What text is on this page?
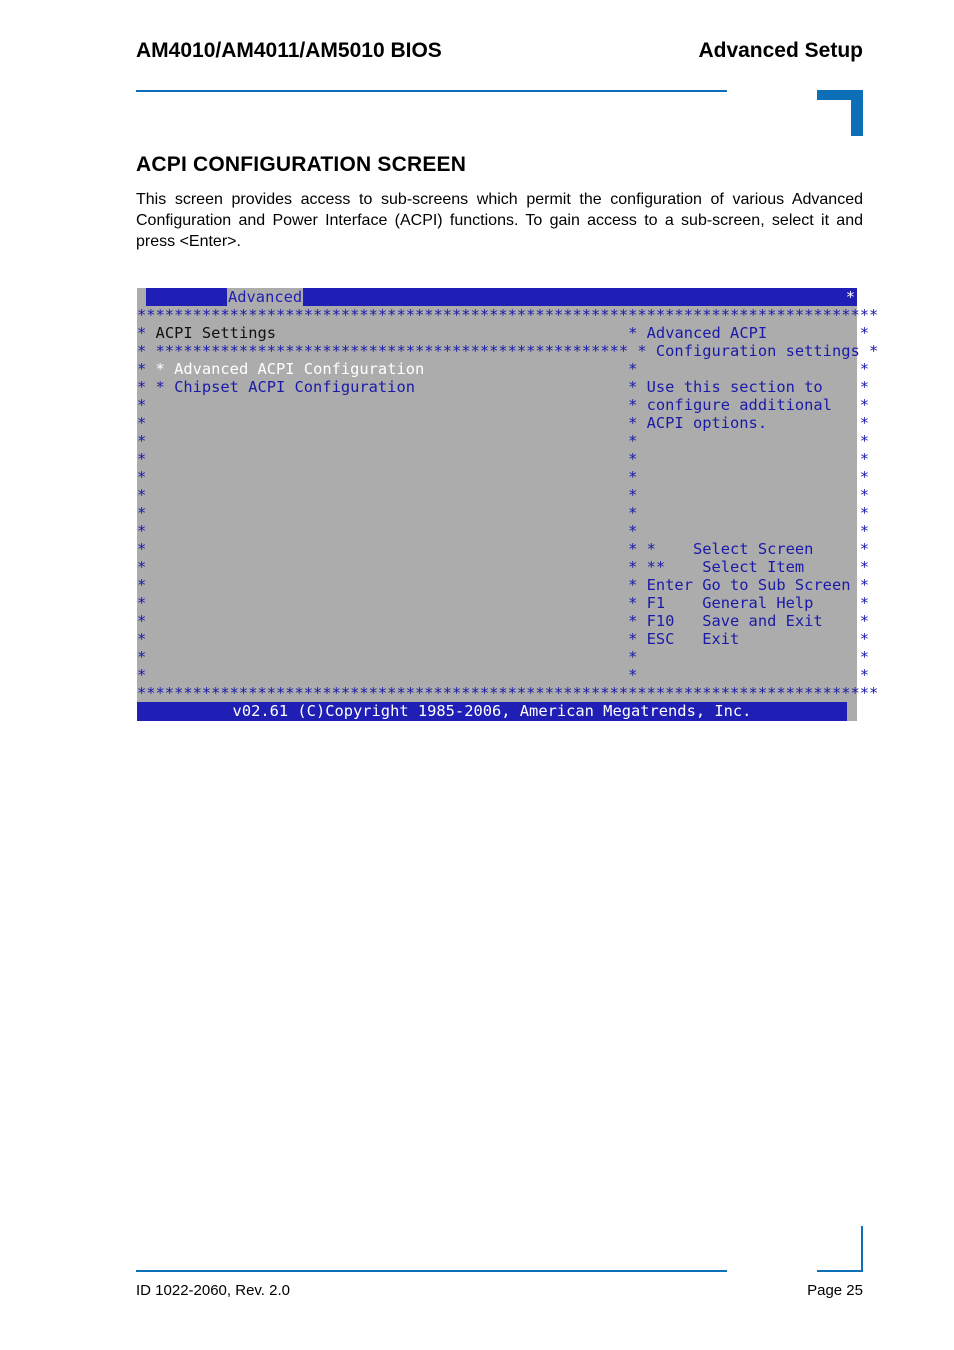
AM4010/AM4011/AM5010 BIOS	Advanced Setup
ACPI CONFIGURATION SCREEN

This screen provides access to sub-screens which permit the configuration of various Advanced Configuration and Power Interface (ACPI) functions. To gain access to a sub-screen, select it and press <Enter>.

Advanced	*
********************************************************************************
* ACPI Settings                                      * Advanced ACPI          *
* *************************************************** * Configuration settings *
* * Advanced ACPI Configuration                      *                        *
* * Chipset ACPI Configuration                       * Use this section to    *
*                                                    * configure additional   *
*                                                    * ACPI options.          *
*                                                    *                        *
*                                                    *                        *
*                                                    *                        *
*                                                    *                        *
*                                                    *                        *
*                                                    *                        *
*                                                    * *    Select Screen     *
*                                                    * **    Select Item      *
*                                                    * Enter Go to Sub Screen *
*                                                    * F1    General Help     *
*                                                    * F10   Save and Exit    *
*                                                    * ESC   Exit             *
*                                                    *                        *
*                                                    *                        *
********************************************************************************
v02.61 (C)Copyright 1985-2006, American Megatrends, Inc.
ID 1022-2060, Rev. 2.0	Page 25
